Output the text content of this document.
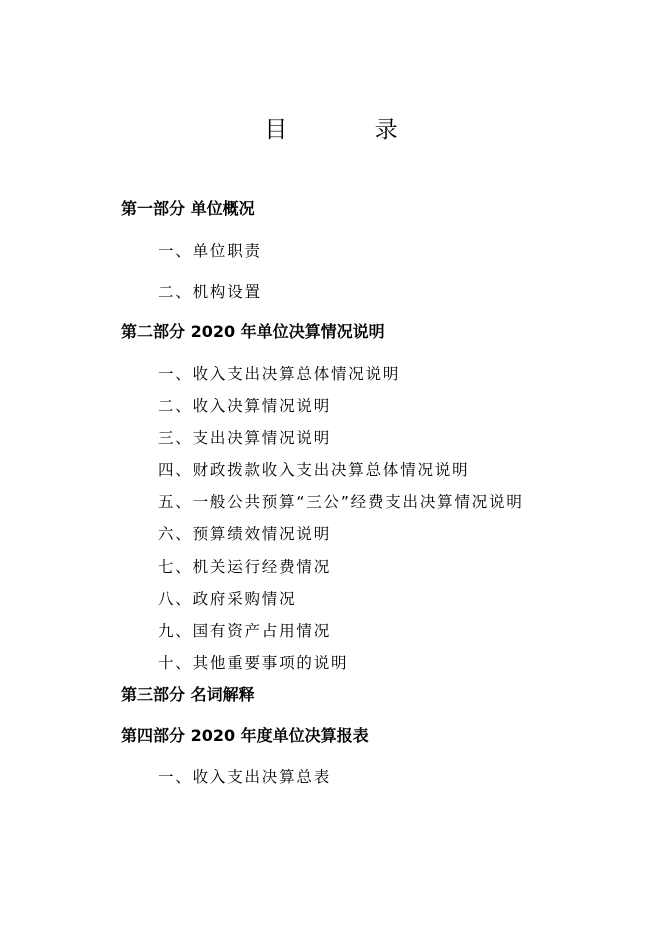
目 录
第一部分 单位概况
一、单位职责
二、机构设置
第二部分 2020 年单位决算情况说明
一、收入支出决算总体情况说明
二、收入决算情况说明
三、支出决算情况说明
四、财政拨款收入支出决算总体情况说明
五、一般公共预算“三公”经费支出决算情况说明
六、预算绩效情况说明
七、机关运行经费情况
八、政府采购情况
九、国有资产占用情况
十、其他重要事项的说明
第三部分 名词解释
第四部分 2020 年度单位决算报表
一、收入支出决算总表
